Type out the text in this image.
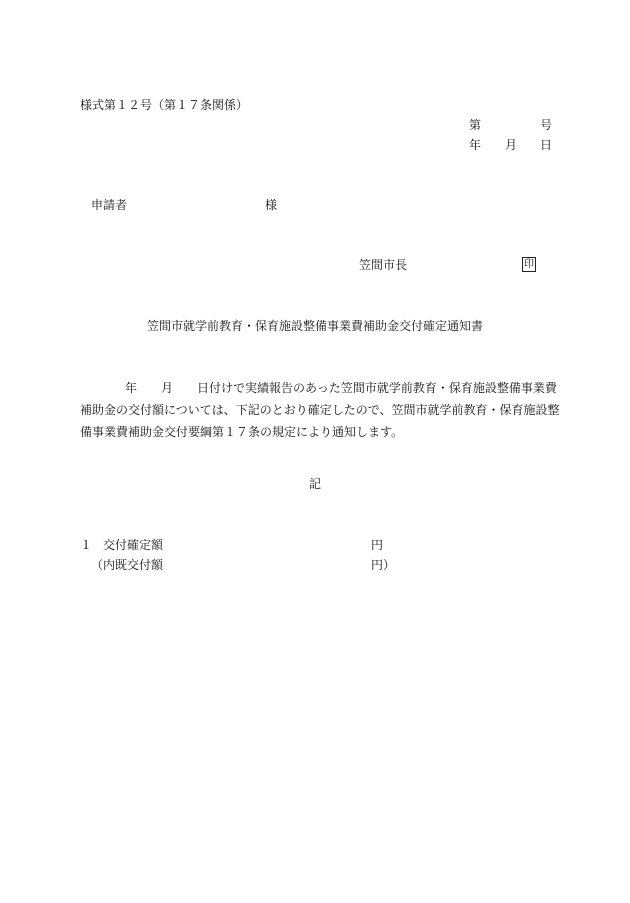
様式第１２号（第１７条関係）
第	号
年 月 日
申請者	様
笠間市長	印
笠間市就学前教育・保育施設整備事業費補助金交付確定通知書
年 月 日付けで実績報告のあった笠間市就学前教育・保育施設整備事業費
補助金の交付額については、下記のとおり確定したので、笠間市就学前教育・保育施設整
備事業費補助金交付要綱第１７条の規定により通知します。
記
１ 交付確定額	円
（内既交付額	円）
